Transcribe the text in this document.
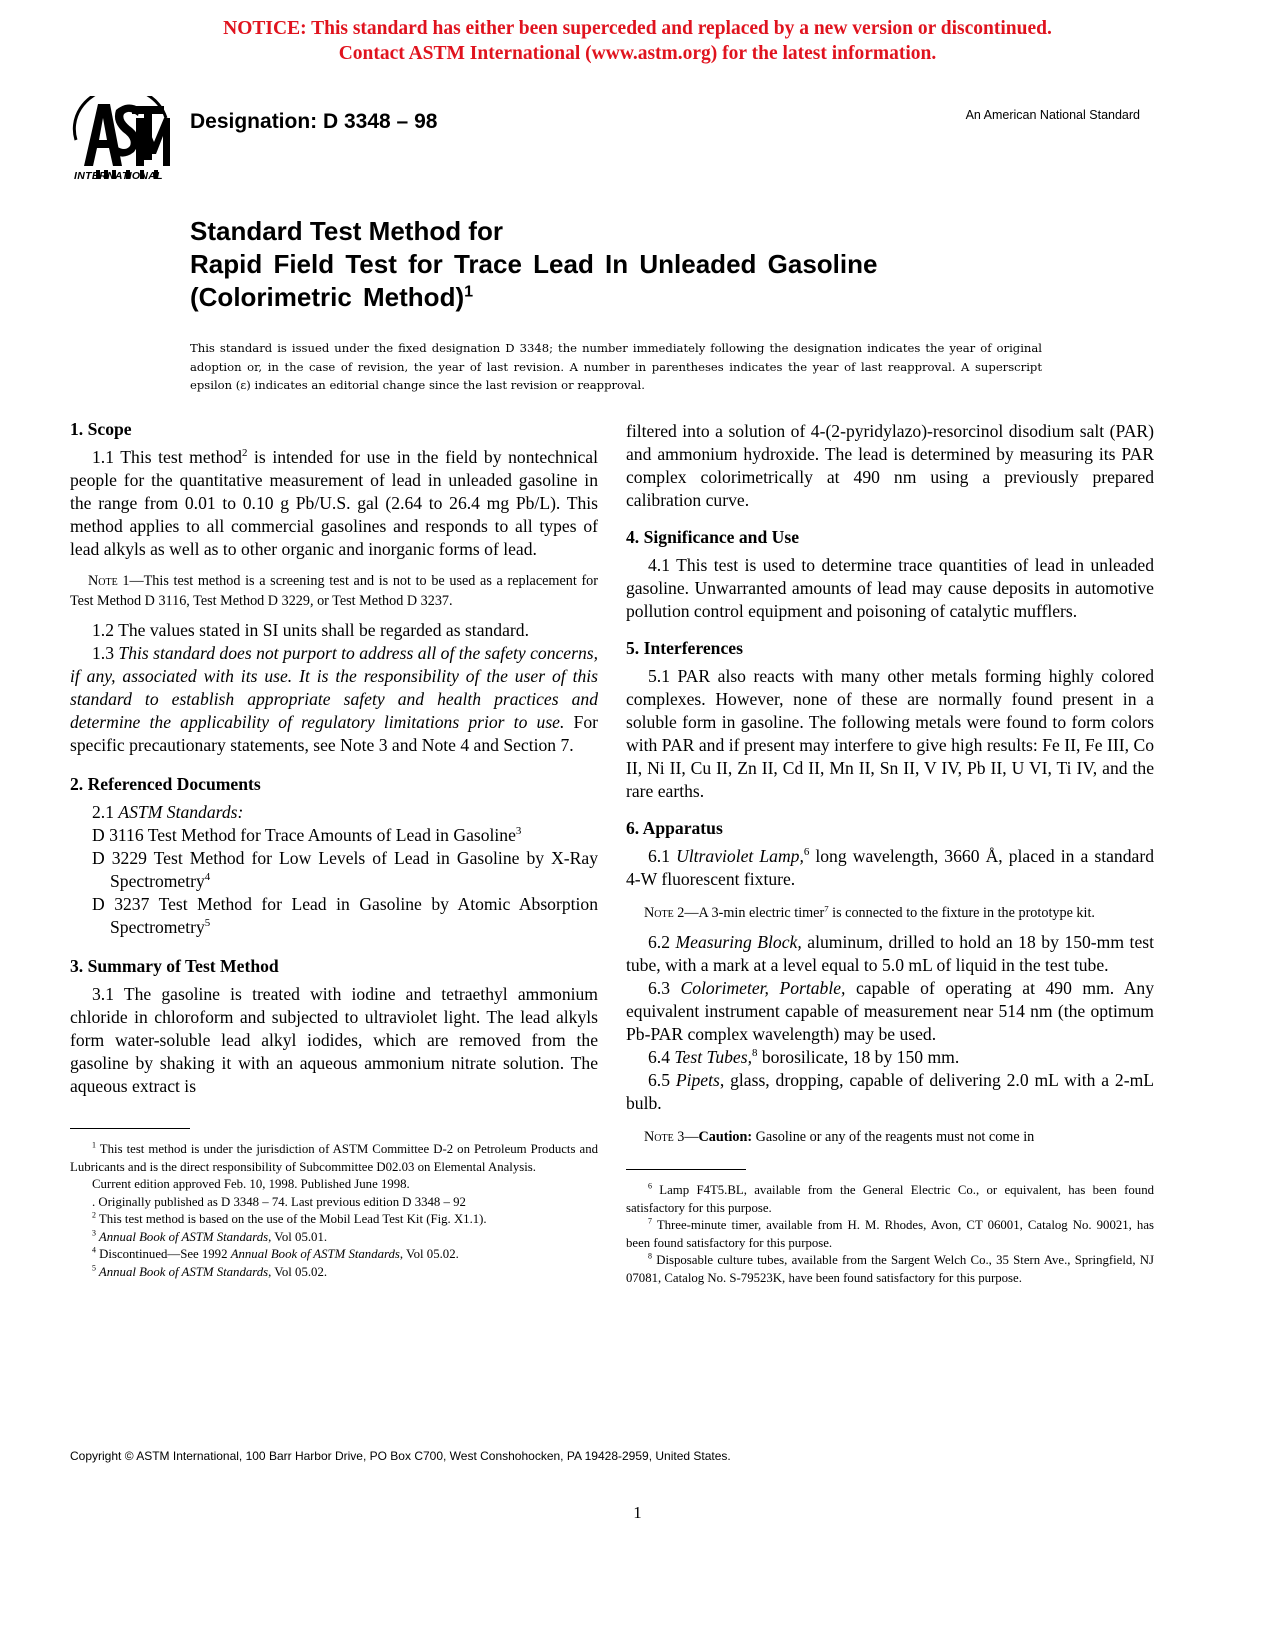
NOTICE: This standard has either been superceded and replaced by a new version or discontinued.
Contact ASTM International (www.astm.org) for the latest information.
INTERNATIONAL
Designation: D 3348 – 98	An American National Standard
Standard Test Method for
Rapid Field Test for Trace Lead In Unleaded Gasoline
(Colorimetric Method)$^1$
This standard is issued under the fixed designation D 3348; the number immediately following the designation indicates the year of original adoption or, in the case of revision, the year of last revision. A number in parentheses indicates the year of last reapproval. A superscript epsilon (ε) indicates an editorial change since the last revision or reapproval.
1. Scope

1.1 This test method$^2$ is intended for use in the field by nontechnical people for the quantitative measurement of lead in unleaded gasoline in the range from 0.01 to 0.10 g Pb/U.S. gal (2.64 to 26.4 mg Pb/L). This method applies to all commercial gasolines and responds to all types of lead alkyls as well as to other organic and inorganic forms of lead.

Note 1—This test method is a screening test and is not to be used as a replacement for Test Method D 3116, Test Method D 3229, or Test Method D 3237.

1.2 The values stated in SI units shall be regarded as standard.

1.3 This standard does not purport to address all of the safety concerns, if any, associated with its use. It is the responsibility of the user of this standard to establish appropriate safety and health practices and determine the applicability of regulatory limitations prior to use. For specific precautionary statements, see Note 3 and Note 4 and Section 7.

2. Referenced Documents

2.1 ASTM Standards:

D 3116 Test Method for Trace Amounts of Lead in Gasoline$^3$

D 3229 Test Method for Low Levels of Lead in Gasoline by X-Ray Spectrometry$^4$

D 3237 Test Method for Lead in Gasoline by Atomic Absorption Spectrometry$^5$

3. Summary of Test Method

3.1 The gasoline is treated with iodine and tetraethyl ammonium chloride in chloroform and subjected to ultraviolet light. The lead alkyls form water-soluble lead alkyl iodides, which are removed from the gasoline by shaking it with an aqueous ammonium nitrate solution. The aqueous extract is

$^1$ This test method is under the jurisdiction of ASTM Committee D-2 on Petroleum Products and Lubricants and is the direct responsibility of Subcommittee D02.03 on Elemental Analysis.
Current edition approved Feb. 10, 1998. Published June 1998.
. Originally published as D 3348 – 74. Last previous edition D 3348 – 92
$^2$ This test method is based on the use of the Mobil Lead Test Kit (Fig. X1.1).
$^3$ Annual Book of ASTM Standards, Vol 05.01.
$^4$ Discontinued—See 1992 Annual Book of ASTM Standards, Vol 05.02.
$^5$ Annual Book of ASTM Standards, Vol 05.02.

filtered into a solution of 4-(2-pyridylazo)-resorcinol disodium salt (PAR) and ammonium hydroxide. The lead is determined by measuring its PAR complex colorimetrically at 490 nm using a previously prepared calibration curve.

4. Significance and Use

4.1 This test is used to determine trace quantities of lead in unleaded gasoline. Unwarranted amounts of lead may cause deposits in automotive pollution control equipment and poisoning of catalytic mufflers.

5. Interferences

5.1 PAR also reacts with many other metals forming highly colored complexes. However, none of these are normally found present in a soluble form in gasoline. The following metals were found to form colors with PAR and if present may interfere to give high results: Fe II, Fe III, Co II, Ni II, Cu II, Zn II, Cd II, Mn II, Sn II, V IV, Pb II, U VI, Ti IV, and the rare earths.

6. Apparatus

6.1 Ultraviolet Lamp,$^6$ long wavelength, 3660 Å, placed in a standard 4-W fluorescent fixture.

Note 2—A 3-min electric timer$^7$ is connected to the fixture in the prototype kit.

6.2 Measuring Block, aluminum, drilled to hold an 18 by 150-mm test tube, with a mark at a level equal to 5.0 mL of liquid in the test tube.

6.3 Colorimeter, Portable, capable of operating at 490 mm. Any equivalent instrument capable of measurement near 514 nm (the optimum Pb-PAR complex wavelength) may be used.

6.4 Test Tubes,$^8$ borosilicate, 18 by 150 mm.

6.5 Pipets, glass, dropping, capable of delivering 2.0 mL with a 2-mL bulb.

Note 3—Caution: Gasoline or any of the reagents must not come in
$^6$ Lamp F4T5.BL, available from the General Electric Co., or equivalent, has been found satisfactory for this purpose.
$^7$ Three-minute timer, available from H. M. Rhodes, Avon, CT 06001, Catalog No. 90021, has been found satisfactory for this purpose.
$^8$ Disposable culture tubes, available from the Sargent Welch Co., 35 Stern Ave., Springfield, NJ 07081, Catalog No. S-79523K, have been found satisfactory for this purpose.
Copyright © ASTM International, 100 Barr Harbor Drive, PO Box C700, West Conshohocken, PA 19428-2959, United States.
1
